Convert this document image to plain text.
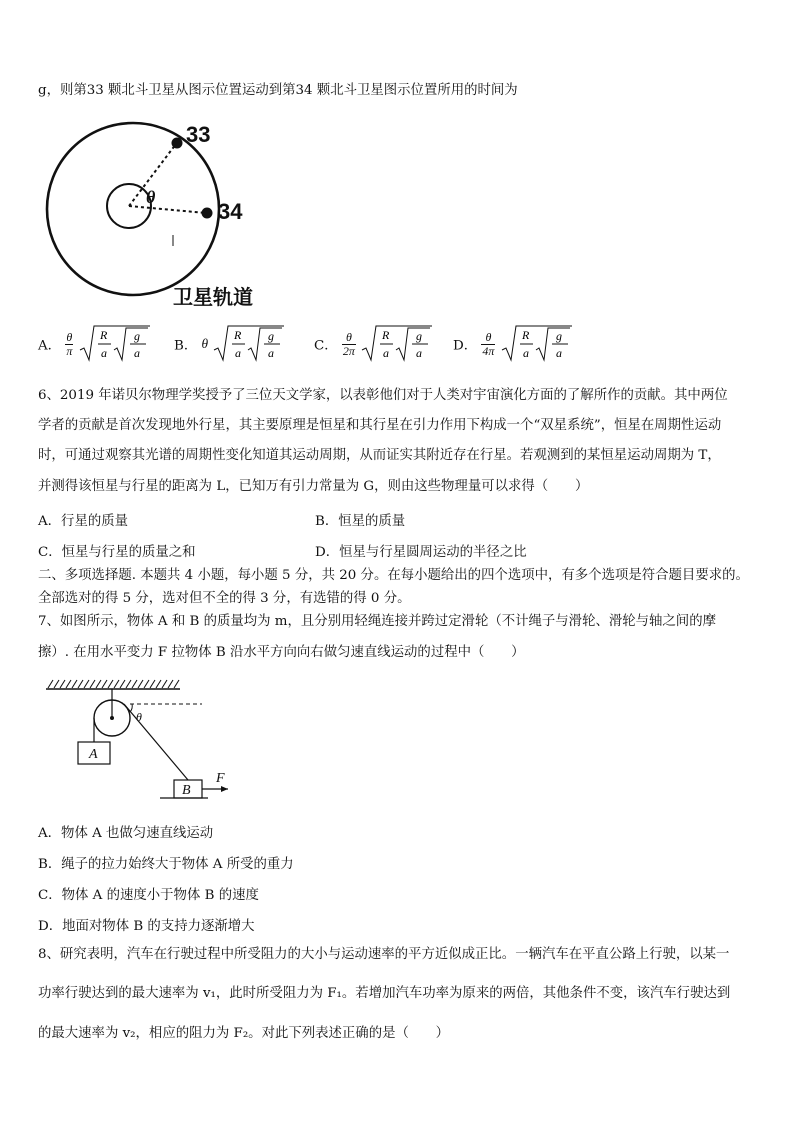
g，则第33 颗北斗卫星从图示位置运动到第34 颗北斗卫星图示位置所用的时间为
33
34
θ
卫星轨道
A． $\frac{\theta}{\pi}$
R
a
g
a	B． θ
R
a
g
a	C． $\frac{\theta}{2\pi}$
R
a
g
a D． $\frac{\theta}{4\pi}$
R
a
g
a
6、2019 年诺贝尔物理学奖授予了三位天文学家，以表彰他们对于人类对宇宙演化方面的了解所作的贡献。其中两位
学者的贡献是首次发现地外行星，其主要原理是恒星和其行星在引力作用下构成一个“双星系统”，恒星在周期性运动
时，可通过观察其光谱的周期性变化知道其运动周期，从而证实其附近存在行星。若观测到的某恒星运动周期为 T，
并测得该恒星与行星的距离为 L，已知万有引力常量为 G，则由这些物理量可以求得（　　）
A．行星的质量	B．恒星的质量
C．恒星与行星的质量之和	D．恒星与行星圆周运动的半径之比
二、多项选择题. 本题共 4 小题，每小题 5 分，共 20 分。在每小题给出的四个选项中，有多个选项是符合题目要求的。
全部选对的得 5 分，选对但不全的得 3 分，有选错的得 0 分。
7、如图所示，物体 A 和 B 的质量均为 m，且分别用轻绳连接并跨过定滑轮（不计绳子与滑轮、滑轮与轴之间的摩
擦）. 在用水平变力 F 拉物体 B 沿水平方向向右做匀速直线运动的过程中（　　）
A
θ
B
F
A．物体 A 也做匀速直线运动
B．绳子的拉力始终大于物体 A 所受的重力
C．物体 A 的速度小于物体 B 的速度
D．地面对物体 B 的支持力逐渐增大
8、研究表明，汽车在行驶过程中所受阻力的大小与运动速率的平方近似成正比。一辆汽车在平直公路上行驶，以某一
功率行驶达到的最大速率为 v₁，此时所受阻力为 F₁。若增加汽车功率为原来的两倍，其他条件不变，该汽车行驶达到
的最大速率为 v₂，相应的阻力为 F₂。对此下列表述正确的是（　　）
